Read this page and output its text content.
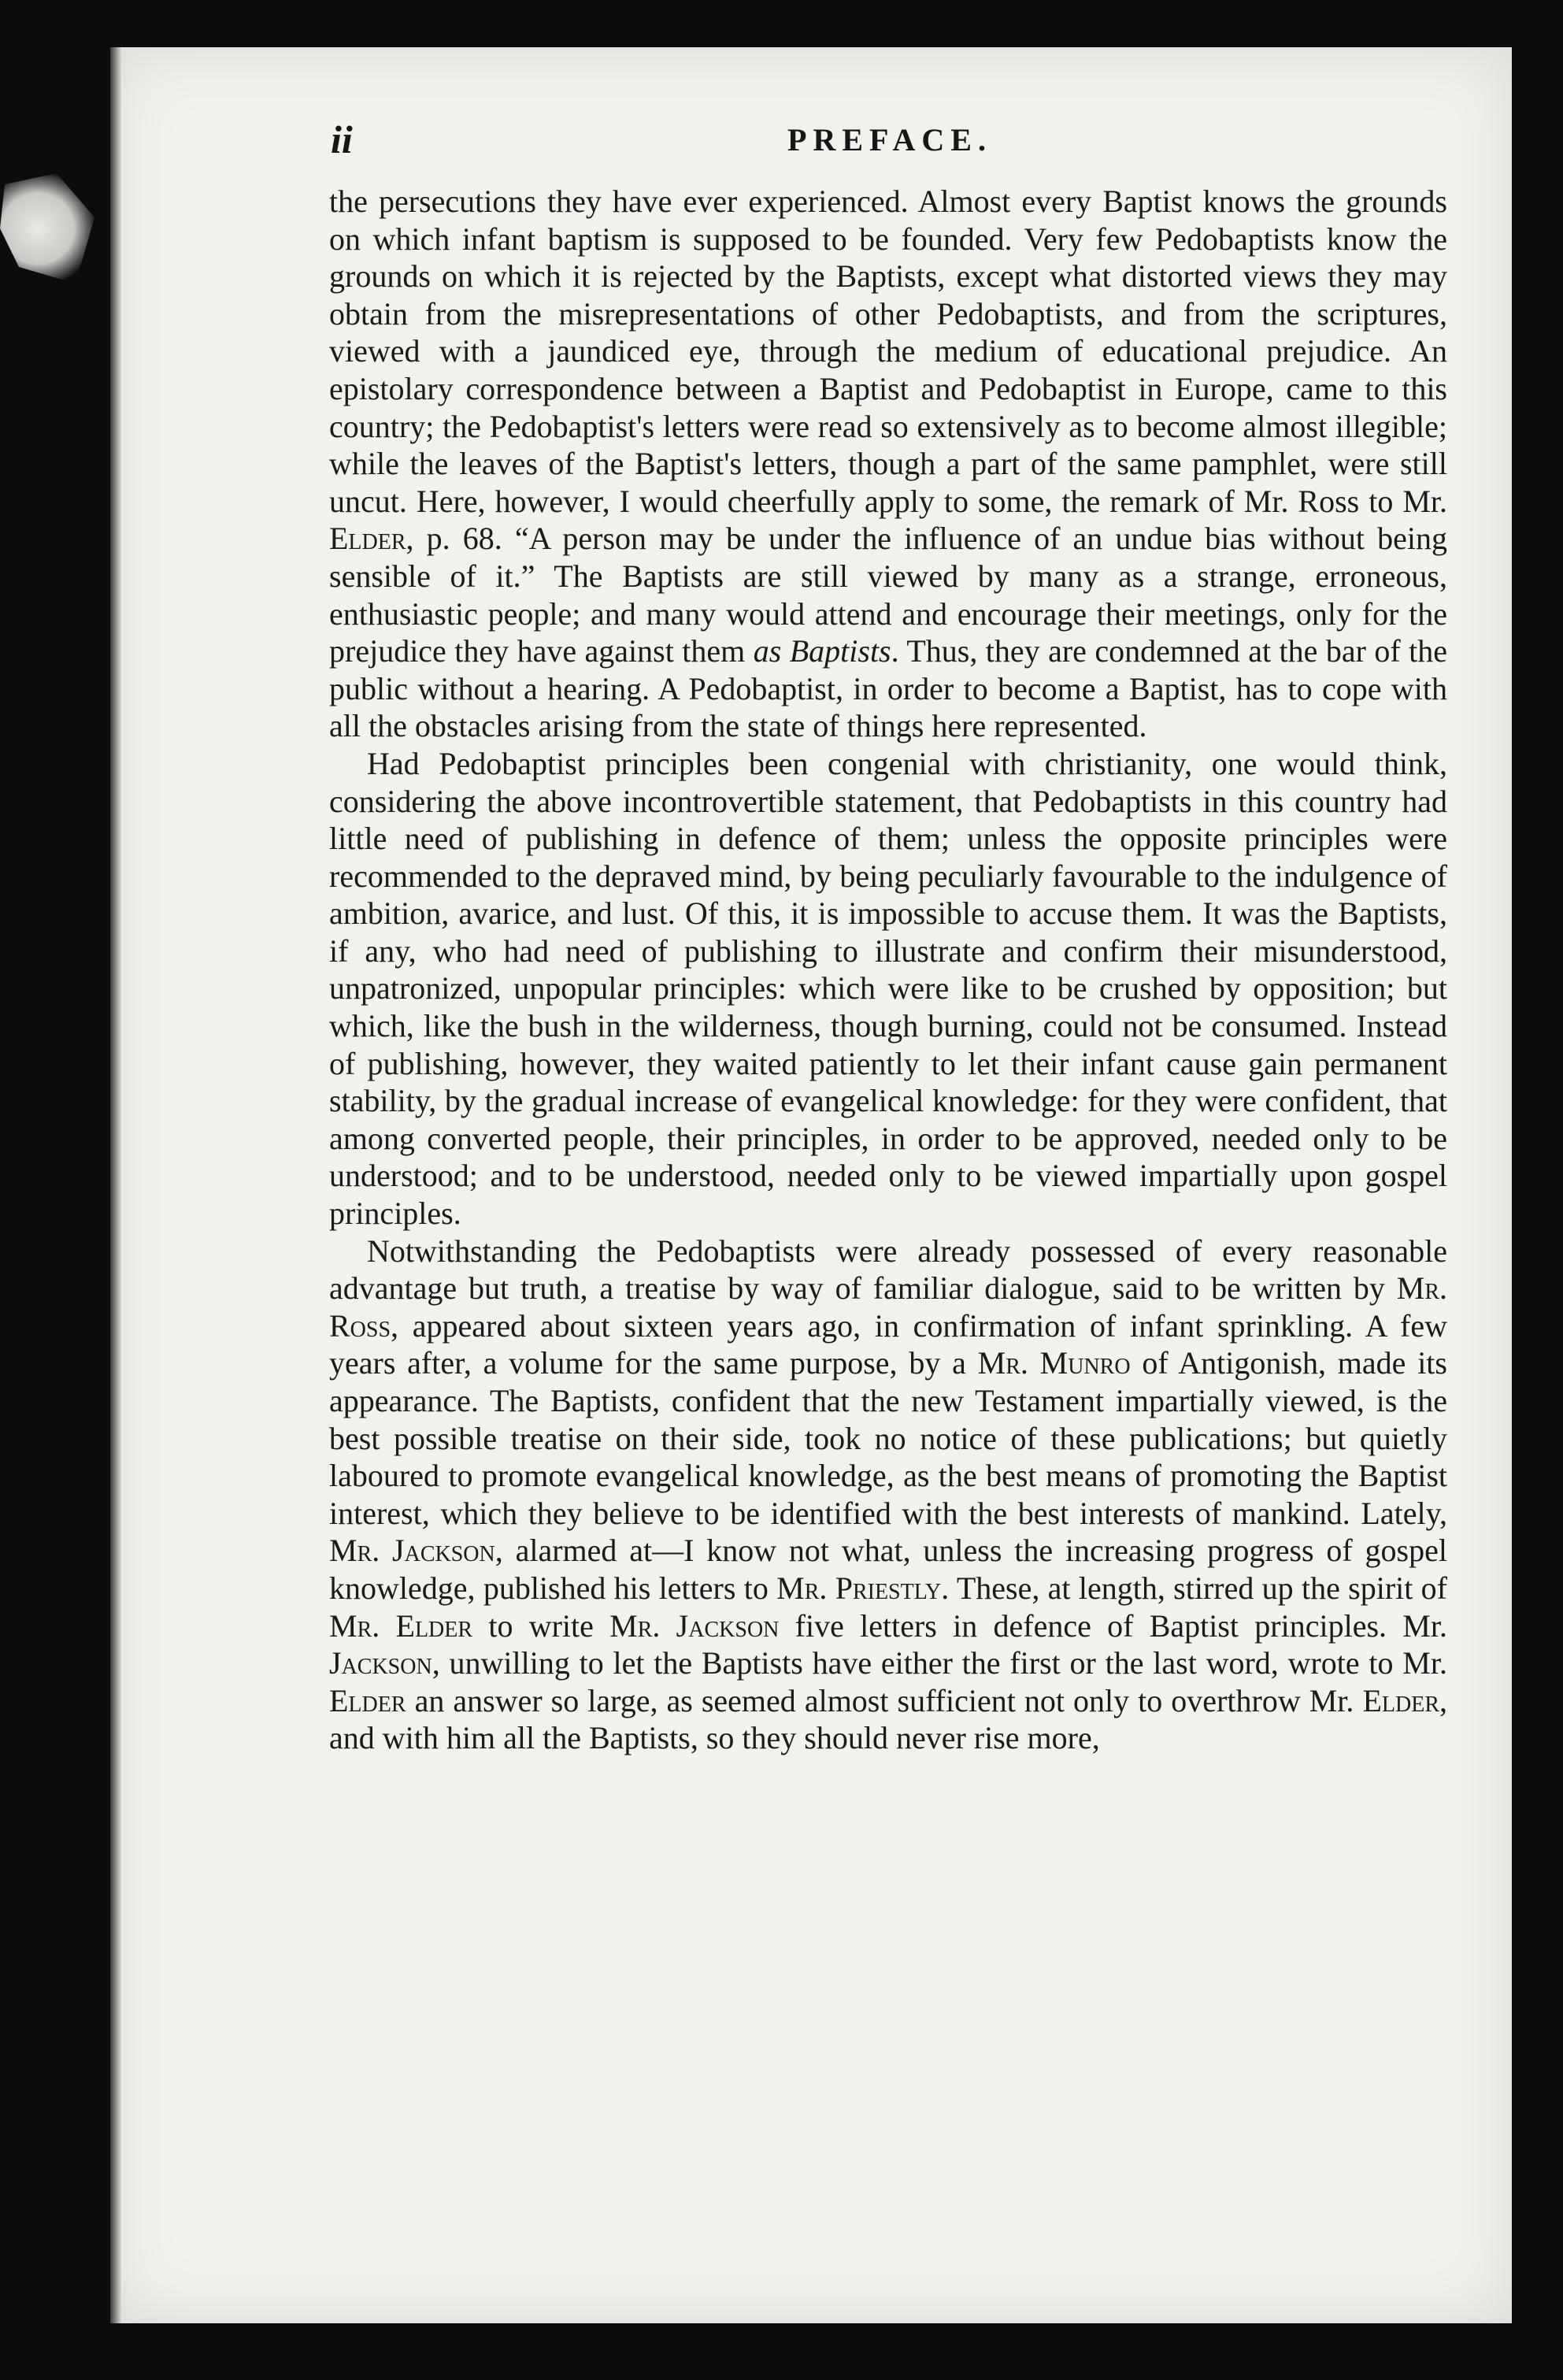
ii	PREFACE.

the persecutions they have ever experienced. Almost every Baptist knows the grounds on which infant baptism is supposed to be founded. Very few Pedobaptists know the grounds on which it is rejected by the Baptists, except what distorted views they may obtain from the misrepresentations of other Pedobaptists, and from the scriptures, viewed with a jaundiced eye, through the medium of educational prejudice. An epistolary correspondence between a Baptist and Pedobaptist in Europe, came to this country; the Pedobaptist's letters were read so extensively as to become almost illegible; while the leaves of the Baptist's letters, though a part of the same pamphlet, were still uncut. Here, however, I would cheerfully apply to some, the remark of Mr. Ross to Mr. Elder, p. 68. “A person may be under the influence of an undue bias without being sensible of it.” The Baptists are still viewed by many as a strange, erroneous, enthusiastic people; and many would attend and encourage their meetings, only for the prejudice they have against them as Baptists. Thus, they are condemned at the bar of the public without a hearing. A Pedobaptist, in order to become a Baptist, has to cope with all the obstacles arising from the state of things here represented.

Had Pedobaptist principles been congenial with christianity, one would think, considering the above incontrovertible statement, that Pedobaptists in this country had little need of publishing in defence of them; unless the opposite principles were recommended to the depraved mind, by being peculiarly favourable to the indulgence of ambition, avarice, and lust. Of this, it is impossible to accuse them. It was the Baptists, if any, who had need of publishing to illustrate and confirm their misunderstood, unpatronized, unpopular principles: which were like to be crushed by opposition; but which, like the bush in the wilderness, though burning, could not be consumed. Instead of publishing, however, they waited patiently to let their infant cause gain permanent stability, by the gradual increase of evangelical knowledge: for they were confident, that among converted people, their principles, in order to be approved, needed only to be understood; and to be understood, needed only to be viewed impartially upon gospel principles.

Notwithstanding the Pedobaptists were already possessed of every reasonable advantage but truth, a treatise by way of familiar dialogue, said to be written by Mr. Ross, appeared about sixteen years ago, in confirmation of infant sprinkling. A few years after, a volume for the same purpose, by a Mr. Munro of Antigonish, made its appearance. The Baptists, confident that the new Testament impartially viewed, is the best possible treatise on their side, took no notice of these publications; but quietly laboured to promote evangelical knowledge, as the best means of promoting the Baptist interest, which they believe to be identified with the best interests of mankind. Lately, Mr. Jackson, alarmed at—I know not what, unless the increasing progress of gospel knowledge, published his letters to Mr. Priestly. These, at length, stirred up the spirit of Mr. Elder to write Mr. Jackson five letters in defence of Baptist principles. Mr. Jackson, unwilling to let the Baptists have either the first or the last word, wrote to Mr. Elder an answer so large, as seemed almost sufficient not only to overthrow Mr. Elder, and with him all the Baptists, so they should never rise more,
